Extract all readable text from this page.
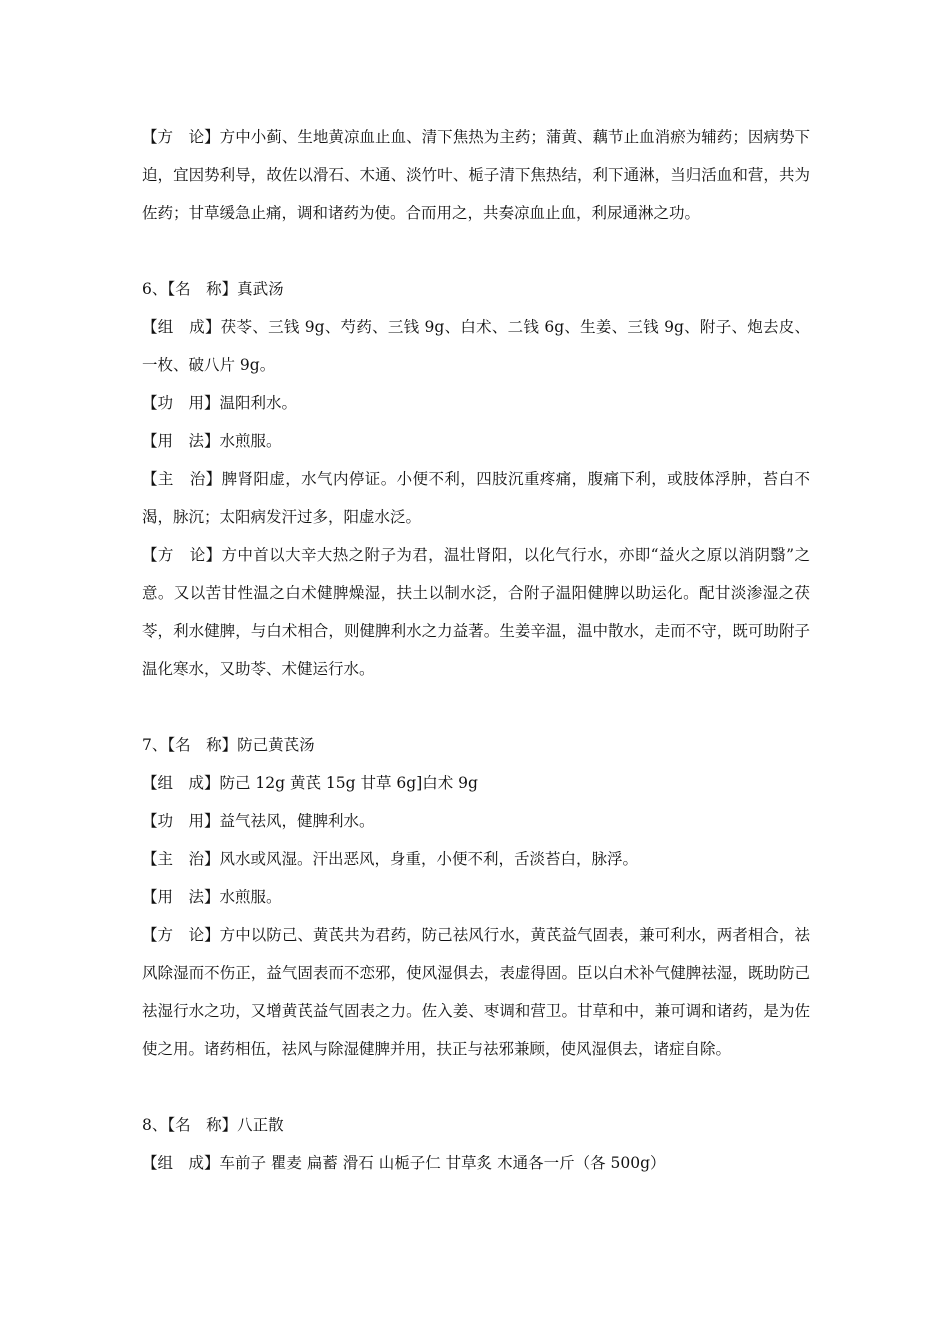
【方　论】方中小蓟、生地黄凉血止血、清下焦热为主药；蒲黄、藕节止血消瘀为辅药；因病势下迫，宜因势利导，故佐以滑石、木通、淡竹叶、栀子清下焦热结，利下通淋，当归活血和营，共为佐药；甘草缓急止痛，调和诸药为使。合而用之，共奏凉血止血，利尿通淋之功。

6、【名　称】真武汤

【组　成】茯苓、三钱 9g、芍药、三钱 9g、白术、二钱 6g、生姜、三钱 9g、附子、炮去皮、一枚、破八片 9g。

【功　用】温阳利水。

【用　法】水煎服。

【主　治】脾肾阳虚，水气内停证。小便不利，四肢沉重疼痛，腹痛下利，或肢体浮肿，苔白不渴，脉沉；太阳病发汗过多，阳虚水泛。

【方　论】方中首以大辛大热之附子为君，温壮肾阳，以化气行水，亦即“益火之原以消阴翳”之意。又以苦甘性温之白术健脾燥湿，扶土以制水泛，合附子温阳健脾以助运化。配甘淡渗湿之茯苓，利水健脾，与白术相合，则健脾利水之力益著。生姜辛温，温中散水，走而不守，既可助附子温化寒水，又助苓、术健运行水。

7、【名　称】防己黄芪汤

【组　成】防己 12g 黄芪 15g 甘草 6g]白术 9g

【功　用】益气祛风，健脾利水。

【主　治】风水或风湿。汗出恶风，身重，小便不利，舌淡苔白，脉浮。

【用　法】水煎服。

【方　论】方中以防己、黄芪共为君药，防己祛风行水，黄芪益气固表，兼可利水，两者相合，祛风除湿而不伤正，益气固表而不恋邪，使风湿俱去，表虚得固。臣以白术补气健脾祛湿，既助防己祛湿行水之功，又增黄芪益气固表之力。佐入姜、枣调和营卫。甘草和中，兼可调和诸药，是为佐使之用。诸药相伍，祛风与除湿健脾并用，扶正与祛邪兼顾，使风湿俱去，诸症自除。

8、【名　称】八正散

【组　成】车前子 瞿麦 扁蓄 滑石 山栀子仁 甘草炙 木通各一斤（各 500g）
